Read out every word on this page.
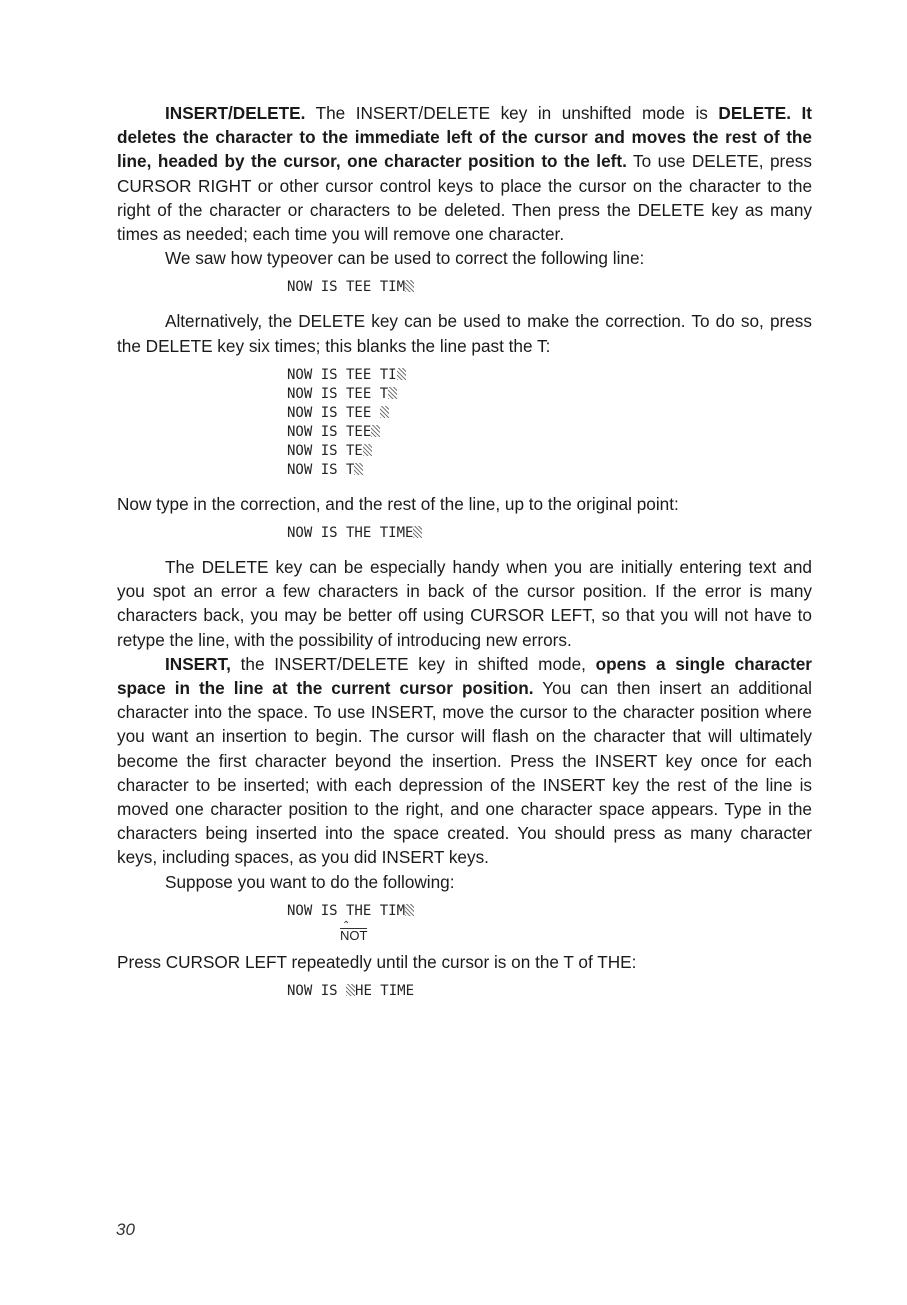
INSERT/DELETE. The INSERT/DELETE key in unshifted mode is DELETE. It deletes the character to the immediate left of the cursor and moves the rest of the line, headed by the cursor, one character position to the left. To use DELETE, press CURSOR RIGHT or other cursor control keys to place the cursor on the character to the right of the character or characters to be deleted. Then press the DELETE key as many times as needed; each time you will remove one character.

We saw how typeover can be used to correct the following line:

NOW IS TEE TIM

Alternatively, the DELETE key can be used to make the correction. To do so, press the DELETE key six times; this blanks the line past the T:

NOW IS TEE TI
NOW IS TEE T
NOW IS TEE
NOW IS TEE
NOW IS TE
NOW IS T

Now type in the correction, and the rest of the line, up to the original point:

NOW IS THE TIME

The DELETE key can be especially handy when you are initially entering text and you spot an error a few characters in back of the cursor position. If the error is many characters back, you may be better off using CURSOR LEFT, so that you will not have to retype the line, with the possibility of introducing new errors.

INSERT, the INSERT/DELETE key in shifted mode, opens a single character space in the line at the current cursor position. You can then insert an additional character into the space. To use INSERT, move the cursor to the character position where you want an insertion to begin. The cursor will flash on the character that will ultimately become the first character beyond the insertion. Press the INSERT key once for each character to be inserted; with each depression of the INSERT key the rest of the line is moved one character position to the right, and one character space appears. Type in the characters being inserted into the space created. You should press as many character keys, including spaces, as you did INSERT keys.

Suppose you want to do the following:

NOW IS THE TIM
⌃
NOT

Press CURSOR LEFT repeatedly until the cursor is on the T of THE:

NOW IS HE TIME
30
